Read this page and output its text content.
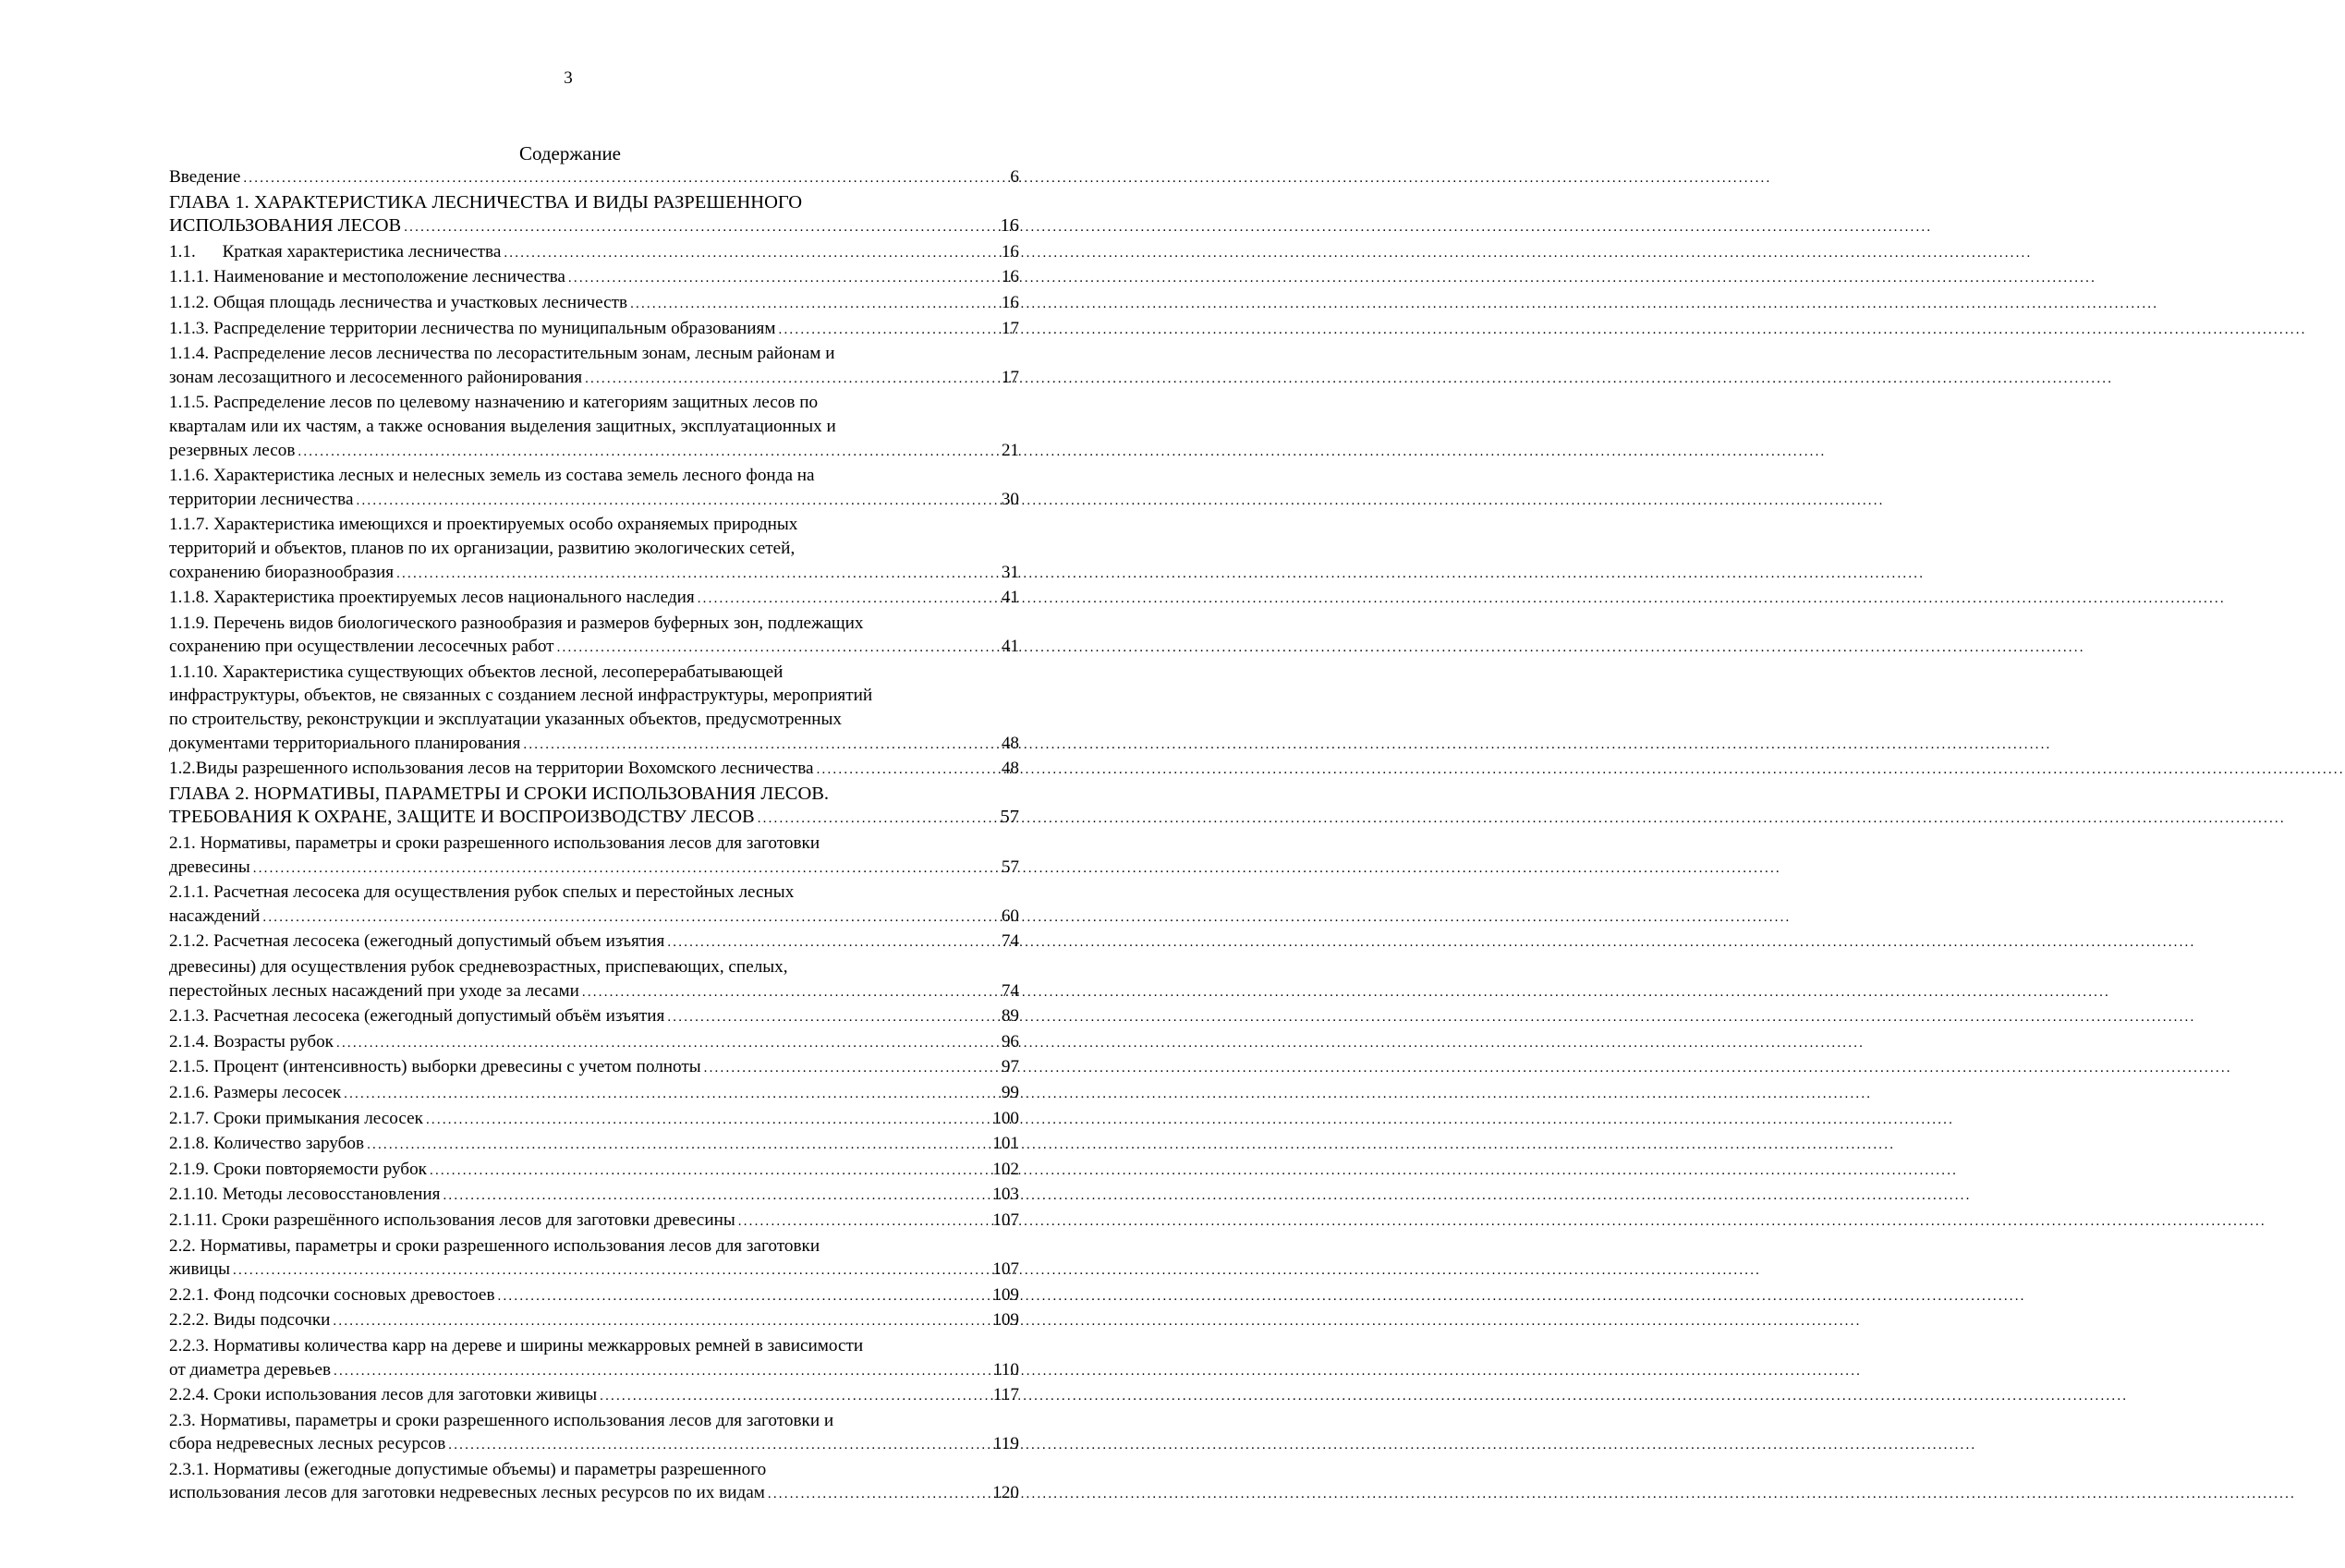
3
Содержание
Введение .....	6
ГЛАВА 1. ХАРАКТЕРИСТИКА ЛЕСНИЧЕСТВА И ВИДЫ РАЗРЕШЕННОГО
ИСПОЛЬЗОВАНИЯ ЛЕСОВ .....	16
1.1.      Краткая характеристика лесничества .....	16
1.1.1. Наименование и местоположение лесничества .....	16
1.1.2. Общая площадь лесничества и участковых лесничеств .....	16
1.1.3. Распределение территории лесничества по муниципальным образованиям .....	17
1.1.4. Распределение лесов лесничества по лесорастительным зонам, лесным районам и
зонам лесозащитного и лесосеменного районирования .....	17
1.1.5. Распределение лесов по целевому назначению и категориям защитных лесов по
кварталам или их частям, а также основания выделения защитных, эксплуатационных и
резервных лесов .....	21
1.1.6. Характеристика лесных и нелесных земель из состава земель лесного фонда на
территории лесничества .....	30
1.1.7. Характеристика имеющихся и проектируемых особо охраняемых природных
территорий и объектов, планов по их организации, развитию экологических сетей,
сохранению биоразнообразия .....	31
1.1.8. Характеристика проектируемых лесов национального наследия .....	41
1.1.9. Перечень видов биологического разнообразия и размеров буферных зон, подлежащих
сохранению при осуществлении лесосечных работ .....	41
1.1.10. Характеристика существующих объектов лесной, лесоперерабатывающей
инфраструктуры, объектов, не связанных с созданием лесной инфраструктуры, мероприятий
по строительству, реконструкции и эксплуатации указанных объектов, предусмотренных
документами территориального планирования .....	48
1.2.Виды разрешенного использования лесов на территории Вохомского лесничества .....	48
ГЛАВА 2. НОРМАТИВЫ, ПАРАМЕТРЫ И СРОКИ ИСПОЛЬЗОВАНИЯ ЛЕСОВ.
ТРЕБОВАНИЯ К ОХРАНЕ, ЗАЩИТЕ И ВОСПРОИЗВОДСТВУ ЛЕСОВ .....	57
2.1. Нормативы, параметры и сроки разрешенного использования лесов для заготовки
древесины .....	57
2.1.1. Расчетная лесосека для осуществления рубок спелых и перестойных лесных
насаждений .....	60
2.1.2. Расчетная лесосека (ежегодный допустимый объем изъятия .....	74
древесины) для осуществления рубок средневозрастных, приспевающих, спелых,
перестойных лесных насаждений при уходе за лесами .....	74
2.1.3. Расчетная лесосека (ежегодный допустимый объём изъятия .....	89
2.1.4. Возрасты рубок .....	96
2.1.5. Процент (интенсивность) выборки древесины с учетом полноты .....	97
2.1.6. Размеры лесосек .....	99
2.1.7. Сроки примыкания лесосек .....	100
2.1.8. Количество зарубов .....	101
2.1.9. Сроки повторяемости рубок .....	102
2.1.10. Методы лесовосстановления .....	103
2.1.11. Сроки разрешённого использования лесов для заготовки древесины .....	107
2.2. Нормативы, параметры и сроки разрешенного использования лесов для заготовки
живицы .....	107
2.2.1. Фонд подсочки сосновых древостоев .....	109
2.2.2. Виды подсочки .....	109
2.2.3. Нормативы количества карр на дереве и ширины межкарровых ремней в зависимости
от диаметра деревьев .....	110
2.2.4. Сроки использования лесов для заготовки живицы .....	117
2.3. Нормативы, параметры и сроки разрешенного использования лесов для заготовки и
сбора недревесных лесных ресурсов .....	119
2.3.1. Нормативы (ежегодные допустимые объемы) и параметры разрешенного
использования лесов для заготовки недревесных лесных ресурсов по их видам .....	120
